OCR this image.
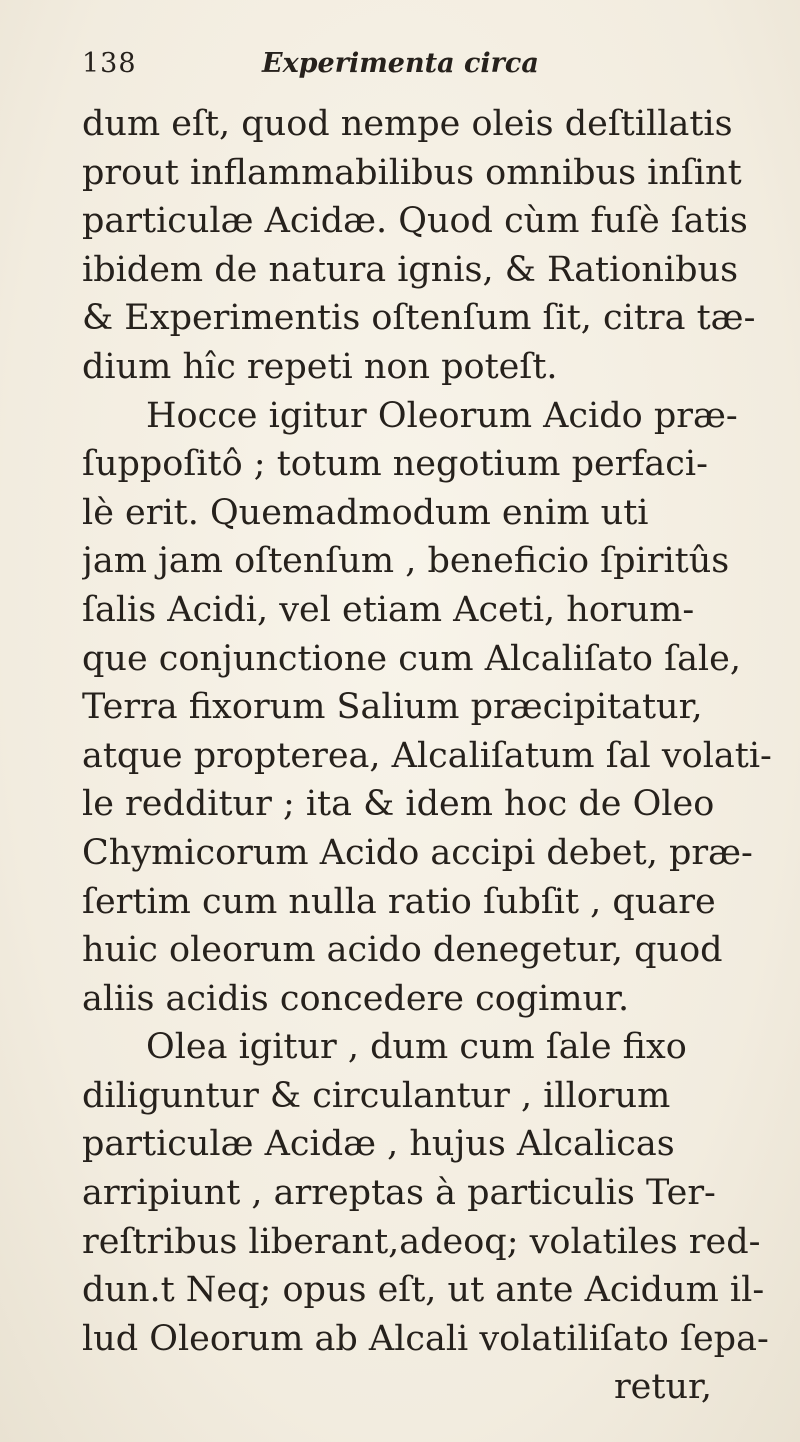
138	Experimenta circa
dum eſt, quod nempe oleis deſtillatis
prout inflammabilibus omnibus inſint
particulæ Acidæ. Quod cùm fuſè ſatis
ibidem de natura ignis, & Rationibus
& Experimentis oſtenſum ſit, citra tæ-
dium hîc repeti non poteſt.
Hocce igitur Oleorum Acido præ-
ſuppoſitô ; totum negotium perfaci-
lè erit. Quemadmodum enim uti
jam jam oſtenſum , beneficio ſpiritûs
ſalis Acidi, vel etiam Aceti, horum-
que conjunctione cum Alcaliſato ſale,
Terra fixorum Salium præcipitatur,
atque propterea, Alcaliſatum ſal volati-
le redditur ; ita & idem hoc de Oleo
Chymicorum Acido accipi debet, præ-
ſertim cum nulla ratio ſubſit , quare
huic oleorum acido denegetur, quod
aliis acidis concedere cogimur.
Olea igitur , dum cum ſale fixo
diliguntur & circulantur , illorum
particulæ Acidæ , hujus Alcalicas
arripiunt , arreptas à particulis Ter-
reſtribus liberant,adeoq; volatiles red-
dun.t Neq; opus eſt, ut ante Acidum il-
lud Oleorum ab Alcali volatiliſato ſepa-
retur,
